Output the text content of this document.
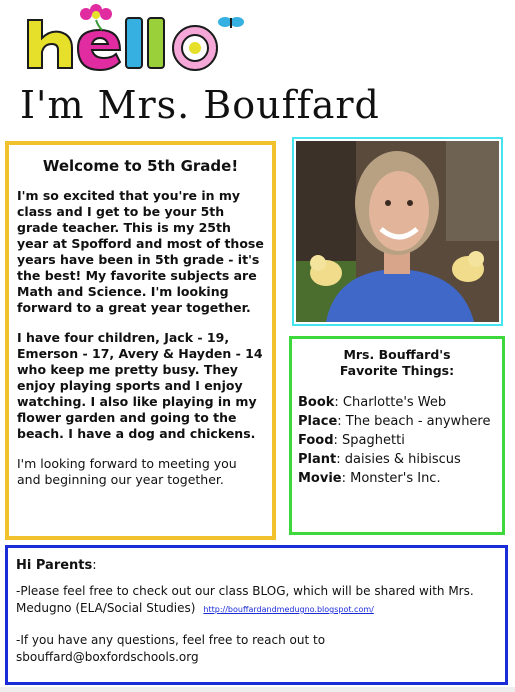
I'm Mrs. Bouffard
Welcome to 5th Grade!

I'm so excited that you're in my class and I get to be your 5th grade teacher. This is my 25th year at Spofford and most of those years have been in 5th grade - it's the best! My favorite subjects are Math and Science. I'm looking forward to a great year together.

I have four children, Jack - 19, Emerson - 17, Avery & Hayden - 14 who keep me pretty busy. They enjoy playing sports and I enjoy watching. I also like playing in my flower garden and going to the beach. I have a dog and chickens.

I'm looking forward to meeting you and beginning our year together.

Mrs. Bouffard's
Favorite Things:
Book: Charlotte's Web
Place: The beach - anywhere
Food: Spaghetti
Plant: daisies & hibiscus
Movie: Monster's Inc.
Hi Parents:

-Please feel free to check out our class BLOG, which will be shared with Mrs. Medugno (ELA/Social Studies) http://bouffardandmedugno.blogspot.com/

-If you have any questions, feel free to reach out to

sbouffard@boxfordschools.org
